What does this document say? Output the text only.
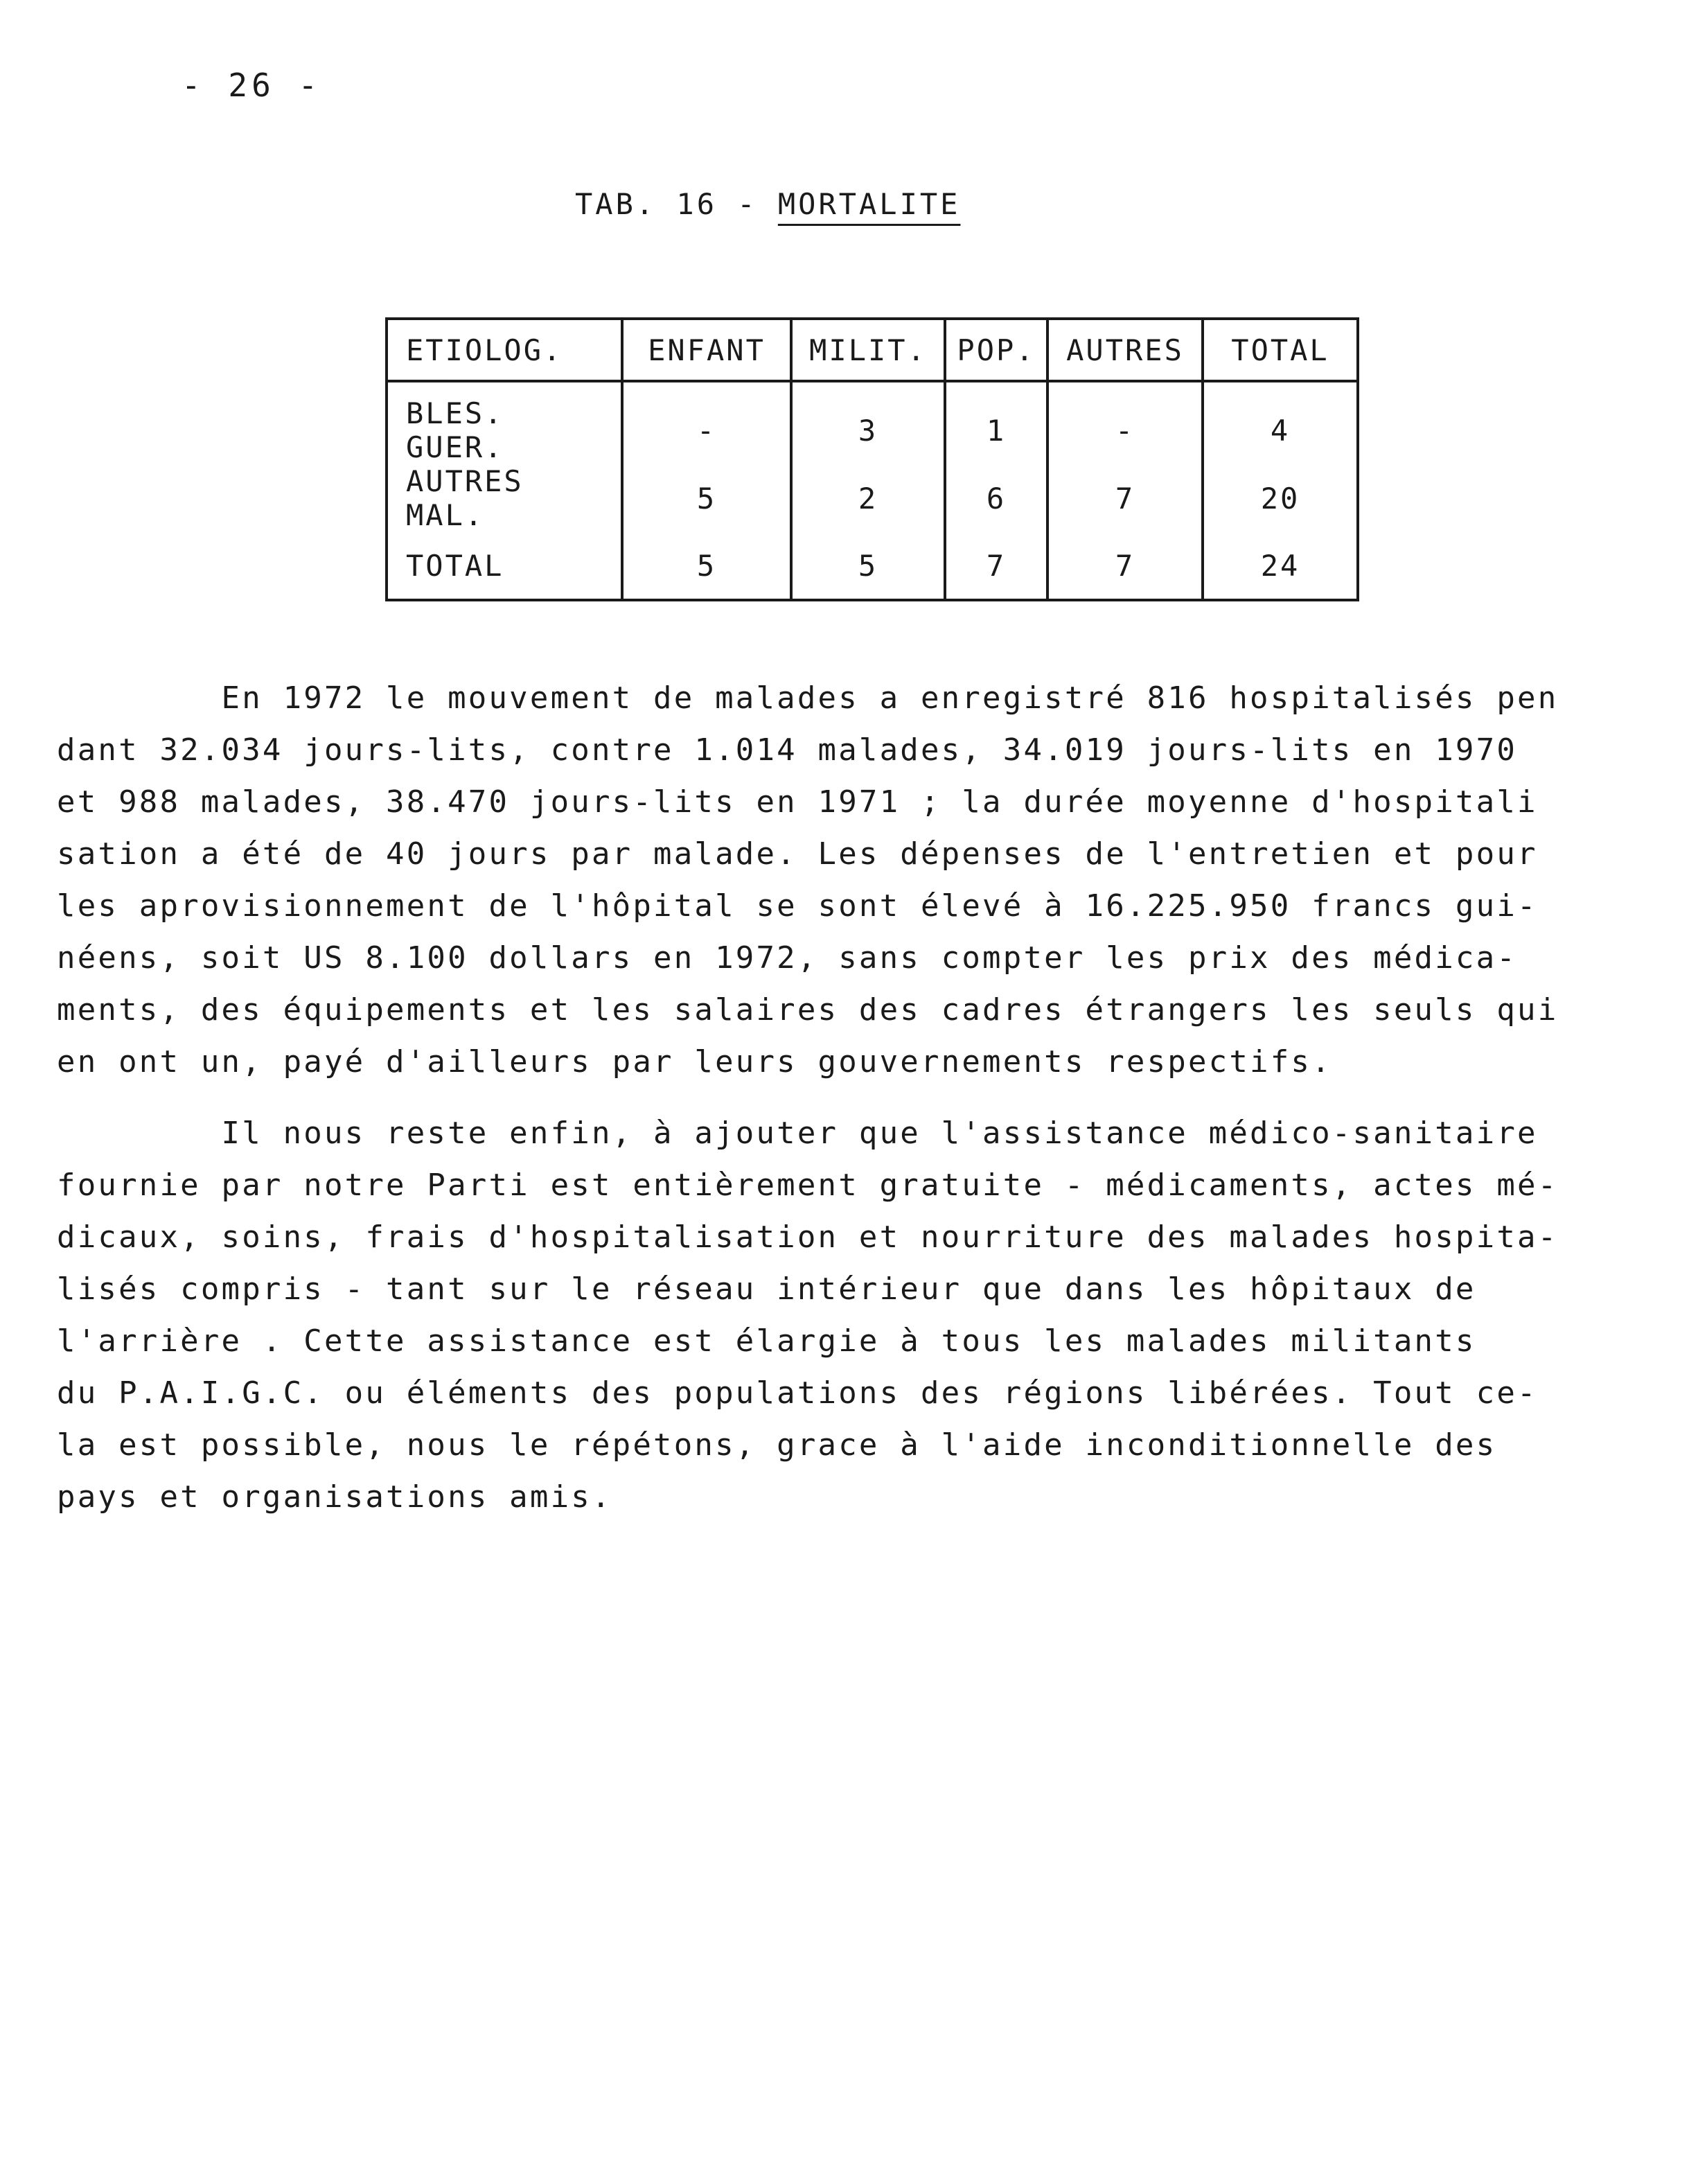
- 26 -
TAB. 16 - MORTALITE
ETIOLOG.	ENFANT	MILIT.	POP.	AUTRES	TOTAL
BLES. GUER.	-	3	1	-	4
AUTRES MAL.	5	2	6	7	20
TOTAL	5	5	7	7	24
En 1972 le mouvement de malades a enregistré 816 hospitalisés pen
dant 32.034 jours-lits, contre 1.014 malades, 34.019 jours-lits en 1970
et 988 malades, 38.470 jours-lits en 1971 ; la durée moyenne d'hospitali
sation a été de 40 jours par malade. Les dépenses de l'entretien et pour
les aprovisionnement de l'hôpital se sont élevé à 16.225.950 francs gui-
néens, soit US 8.100 dollars en 1972, sans compter les prix des médica-
ments, des équipements et les salaires des cadres étrangers les seuls qui
en ont un, payé d'ailleurs par leurs gouvernements respectifs.
Il nous reste enfin, à ajouter que l'assistance médico-sanitaire
fournie par notre Parti est entièrement gratuite - médicaments, actes mé-
dicaux, soins, frais d'hospitalisation et nourriture des malades hospita-
lisés compris - tant sur le réseau intérieur que dans les hôpitaux de
l'arrière . Cette assistance est élargie à tous les malades militants
du P.A.I.G.C. ou éléments des populations des régions libérées. Tout ce-
la est possible, nous le répétons, grace à l'aide inconditionnelle des
pays et organisations amis.
